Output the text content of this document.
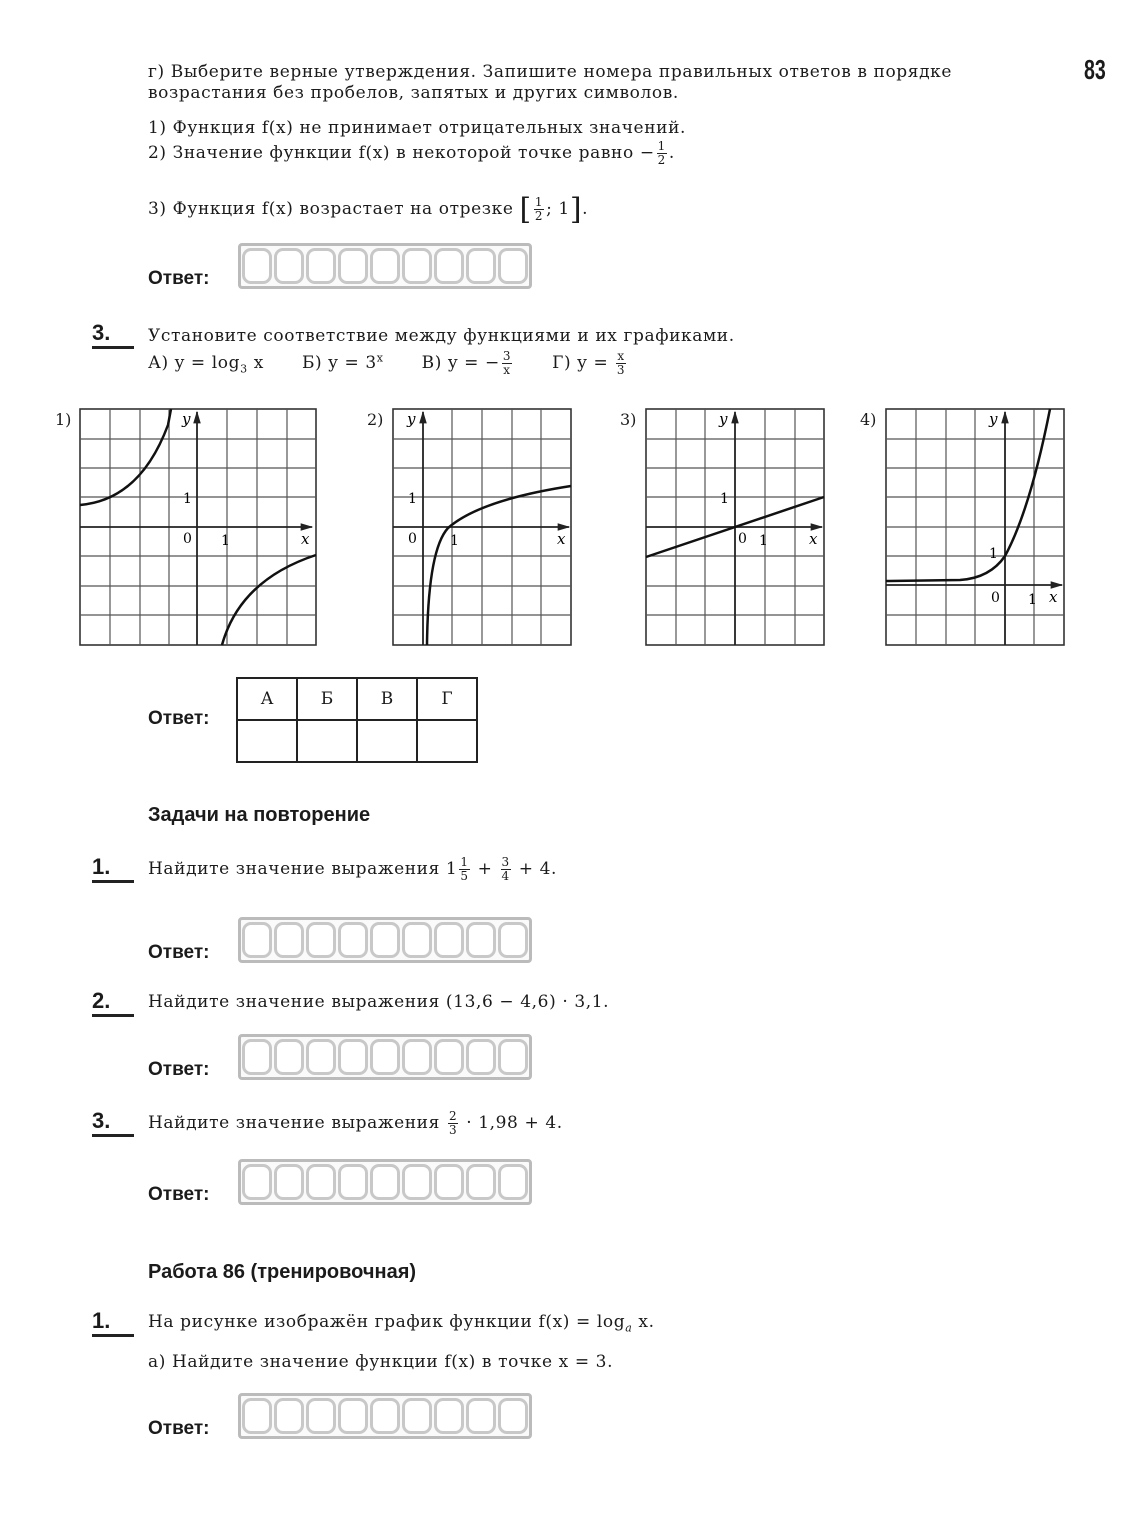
83
г) Выберите верные утверждения. Запишите номера правильных ответов в порядке
возрастания без пробелов, запятых и других символов.
1) Функция f(x) не принимает отрицательных значений.
2) Значение функции f(x) в некоторой точке равно − $\frac{1}{2}$ .
3) Функция f(x) возрастает на отрезке [ $\frac{1}{2}$ ; 1].
Ответ:
3.	Установите соответствие между функциями и их графиками.
А) $y = \log_3 x$ Б) $y = 3^x$ В) y = − $\frac{3}{x} Г$) $y = \frac{x}{3}$
1)	2)	3)	4)
y
x
0 1
1
y
x
0 1
1
y
x
0 1
1
y
x
0 1
1
Ответ:
А	Б	В	Г

Задачи на повторение
1.	Найдите значение выражения $1 \frac{1}{5} + \frac{3}{4} + 4$.
Ответ:
2.	Найдите значение выражения (13,6 − 4,6) · 3,1.
Ответ:
3.	Найдите значение выражения $\frac{2}{3} \cdot 1,98 + 4$.
Ответ:
Работа 86 (тренировочная)
1.	На рисунке изображён график функции $f(x) = \log_a x$.
а) Найдите значение функции f(x) в точке x = 3.
Ответ:
